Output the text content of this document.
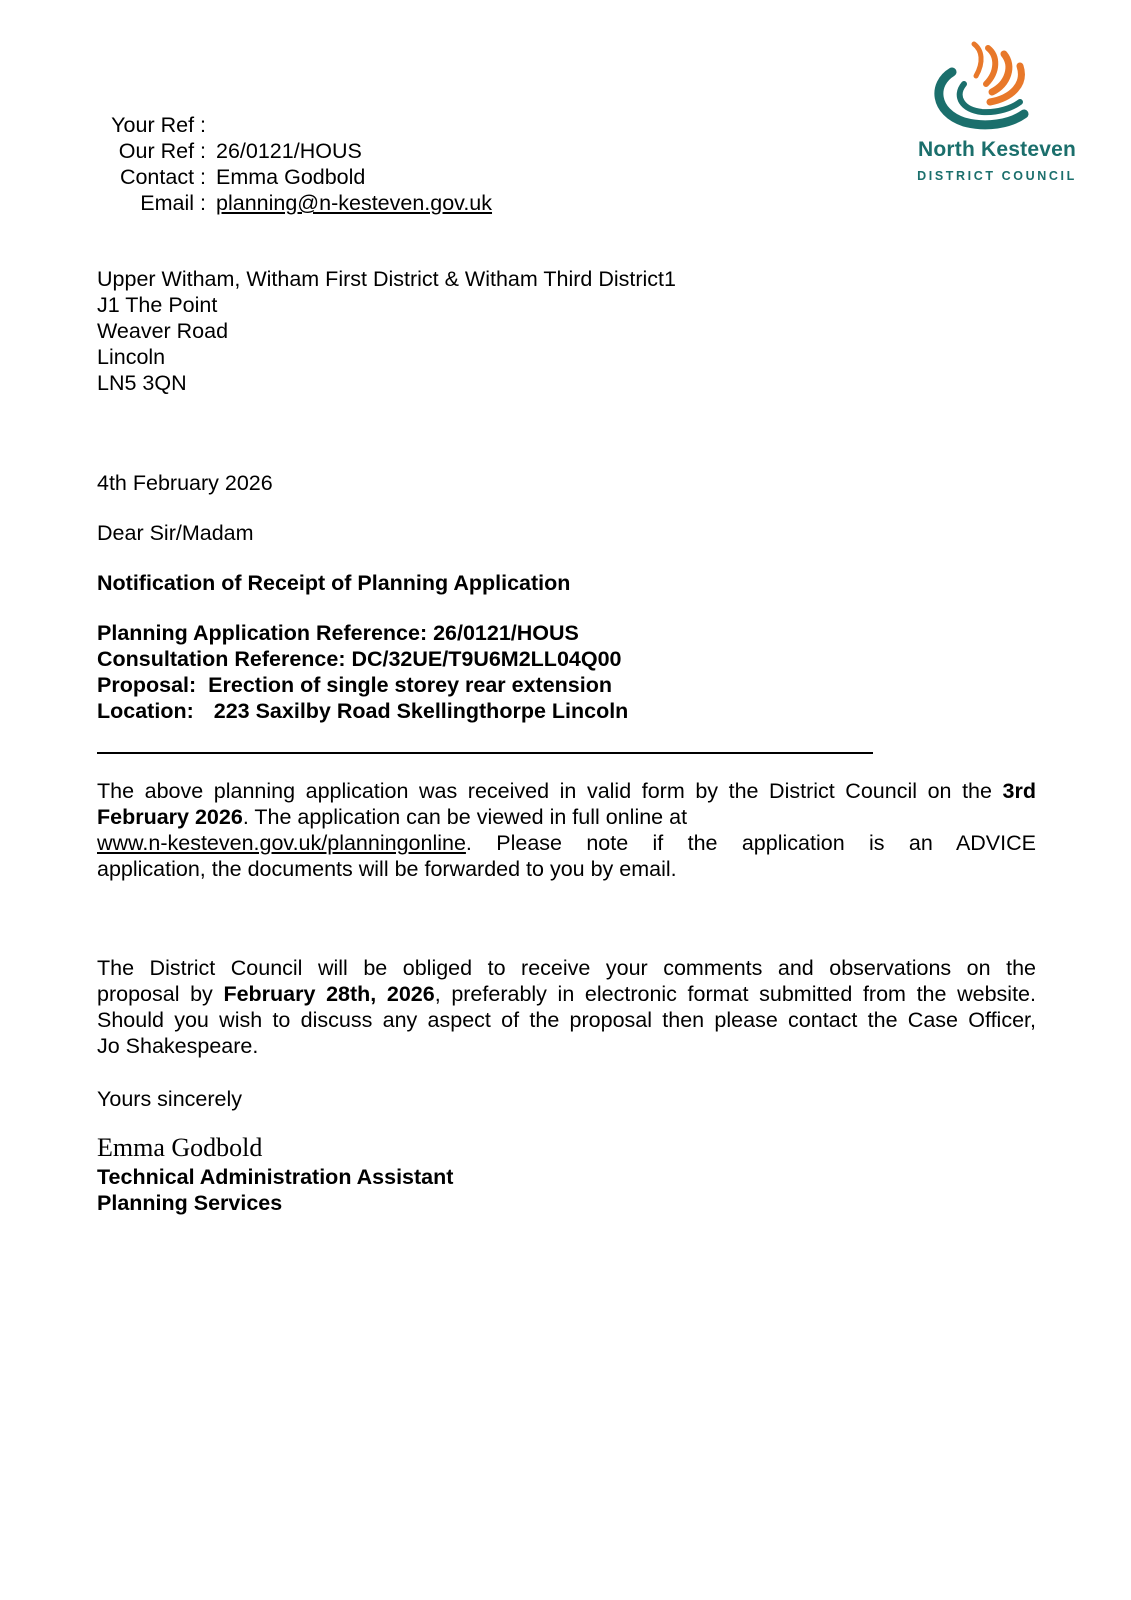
Your Ref :
Our Ref : 26/0121/HOUS
Contact : Emma Godbold
Email : planning@n-kesteven.gov.uk
North Kesteven
DISTRICT COUNCIL
Upper Witham, Witham First District & Witham Third District1
J1 The Point
Weaver Road
Lincoln
LN5 3QN
4th February 2026
Dear Sir/Madam
Notification of Receipt of Planning Application
Planning Application Reference: 26/0121/HOUS
Consultation Reference: DC/32UE/T9U6M2LL04Q00
Proposal: Erection of single storey rear extension
Location: 223 Saxilby Road Skellingthorpe Lincoln
The above planning application was received in valid form by the District Council on the 3rd
February 2026. The application can be viewed in full online at
www.n-kesteven.gov.uk/planningonline. Please note if the application is an ADVICE
application, the documents will be forwarded to you by email.
The District Council will be obliged to receive your comments and observations on the
proposal by February 28th, 2026, preferably in electronic format submitted from the website.
Should you wish to discuss any aspect of the proposal then please contact the Case Officer,
Jo Shakespeare.
Yours sincerely
Emma Godbold
Technical Administration Assistant
Planning Services
